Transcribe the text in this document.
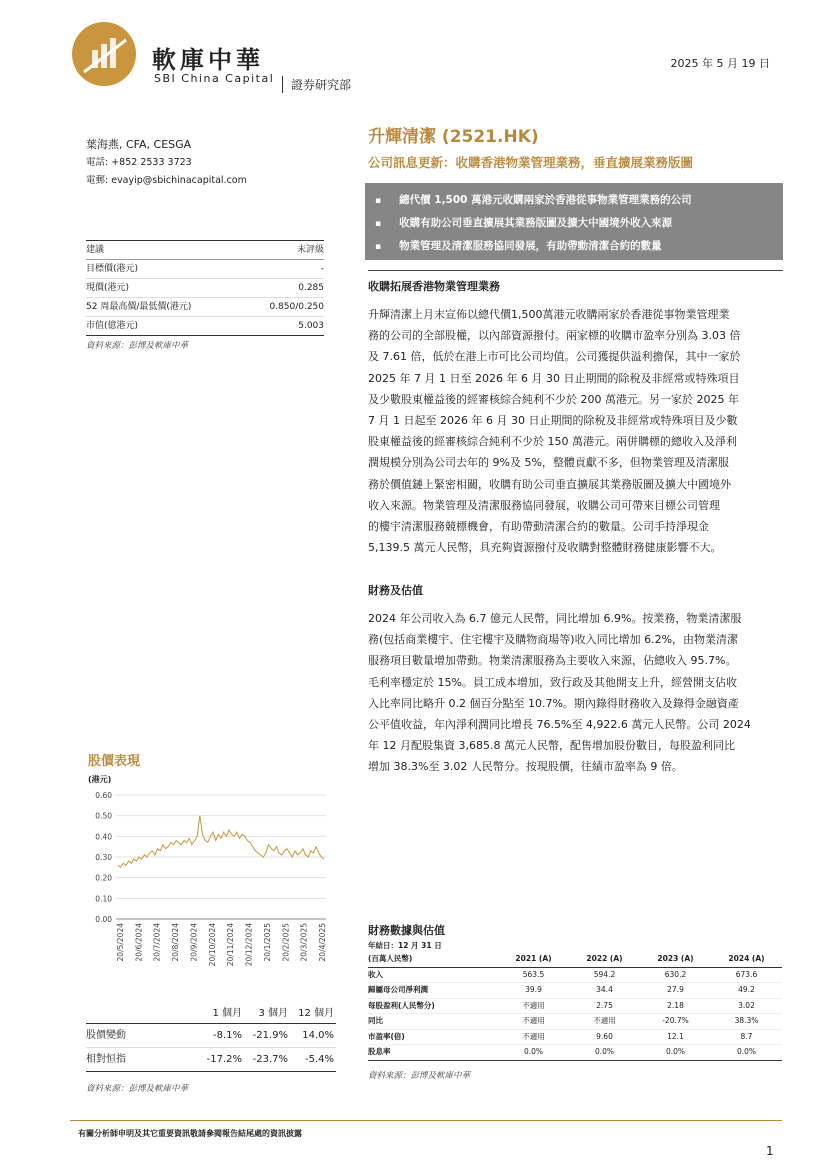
軟庫中華
SBI China Capital	證券研究部
2025 年 5 月 19 日
葉海燕, CFA, CESGA
電話: +852 2533 3723
電郵: evayip@sbichinacapital.com
升輝清潔 (2521.HK)
公司訊息更新：收購香港物業管理業務，垂直擴展業務版圖
▪ 總代價 1,500 萬港元收購兩家於香港從事物業管理業務的公司
▪ 收購有助公司垂直擴展其業務版圖及擴大中國境外收入來源
▪ 物業管理及清潔服務協同發展，有助帶動清潔合約的數量
建議	未評級
目標價(港元)	-
現價(港元)	0.285
52 周最高價/最低價(港元)	0.850/0.250
市值(億港元)	5.003
資料來源：彭博及軟庫中華
收購拓展香港物業管理業務
升輝清潔上月末宣佈以總代價1,500萬港元收購兩家於香港從事物業管理業
務的公司的全部股權，以內部資源撥付。兩家標的收購市盈率分別為 3.03 倍
及 7.61 倍，低於在港上市可比公司均值。公司獲提供溢利擔保，其中一家於
2025 年 7 月 1 日至 2026 年 6 月 30 日止期間的除稅及非經常或特殊項目
及少數股東權益後的經審核綜合純利不少於 200 萬港元。另一家於 2025 年
7 月 1 日起至 2026 年 6 月 30 日止期間的除稅及非經常或特殊項目及少數
股東權益後的經審核綜合純利不少於 150 萬港元。兩併購標的總收入及淨利
潤規模分別為公司去年的 9%及 5%，整體貢獻不多，但物業管理及清潔服
務於價值鏈上緊密相關，收購有助公司垂直擴展其業務版圖及擴大中國境外
收入來源。物業管理及清潔服務協同發展，收購公司可帶來目標公司管理
的樓宇清潔服務競標機會，有助帶動清潔合約的數量。公司手持淨現金
5,139.5 萬元人民幣，具充夠資源撥付及收購對整體財務健康影響不大。
財務及估值
2024 年公司收入為 6.7 億元人民幣，同比增加 6.9%。按業務，物業清潔服
務(包括商業樓宇、住宅樓宇及購物商場等)收入同比增加 6.2%，由物業清潔
服務項目數量增加帶動。物業清潔服務為主要收入來源，佔總收入 95.7%。
毛利率穩定於 15%。員工成本增加，致行政及其他開支上升，經營開支佔收
入比率同比略升 0.2 個百分點至 10.7%。期內錄得財務收入及錄得金融資產
公平值收益，年內淨利潤同比增長 76.5%至 4,922.6 萬元人民幣。公司 2024
年 12 月配股集資 3,685.8 萬元人民幣，配售增加股份數目，每股盈利同比
增加 38.3%至 3.02 人民幣分。按現股價，往績市盈率為 9 倍。
股價表現
(港元)
0.60
0.50
0.40
0.30
0.20
0.10
0.00
20/5/2024 20/6/2024 20/7/2024 20/8/2024 20/9/2024 20/10/2024 20/11/2024 20/12/2024 20/1/2025 20/2/2025 20/3/2025 20/4/2025
1 個月	3 個月	12 個月
股價變動	-8.1%	-21.9%	14.0%
相對恒指	-17.2%	-23.7%	-5.4%
資料來源：彭博及軟庫中華
財務數據與估值
年結日：12 月 31 日
(百萬人民幣)	2021 (A)	2022 (A)	2023 (A)	2024 (A)
收入	563.5	594.2	630.2	673.6
歸屬母公司淨利潤	39.9	34.4	27.9	49.2
每股盈利(人民幣分)	不適用	2.75	2.18	3.02
同比	不適用	不適用	-20.7%	38.3%
市盈率(倍)	不適用	9.60	12.1	8.7
股息率	0.0%	0.0%	0.0%	0.0%
資料來源：彭博及軟庫中華
有關分析師申明及其它重要資訊敬請參閱報告結尾處的資訊披露
1
